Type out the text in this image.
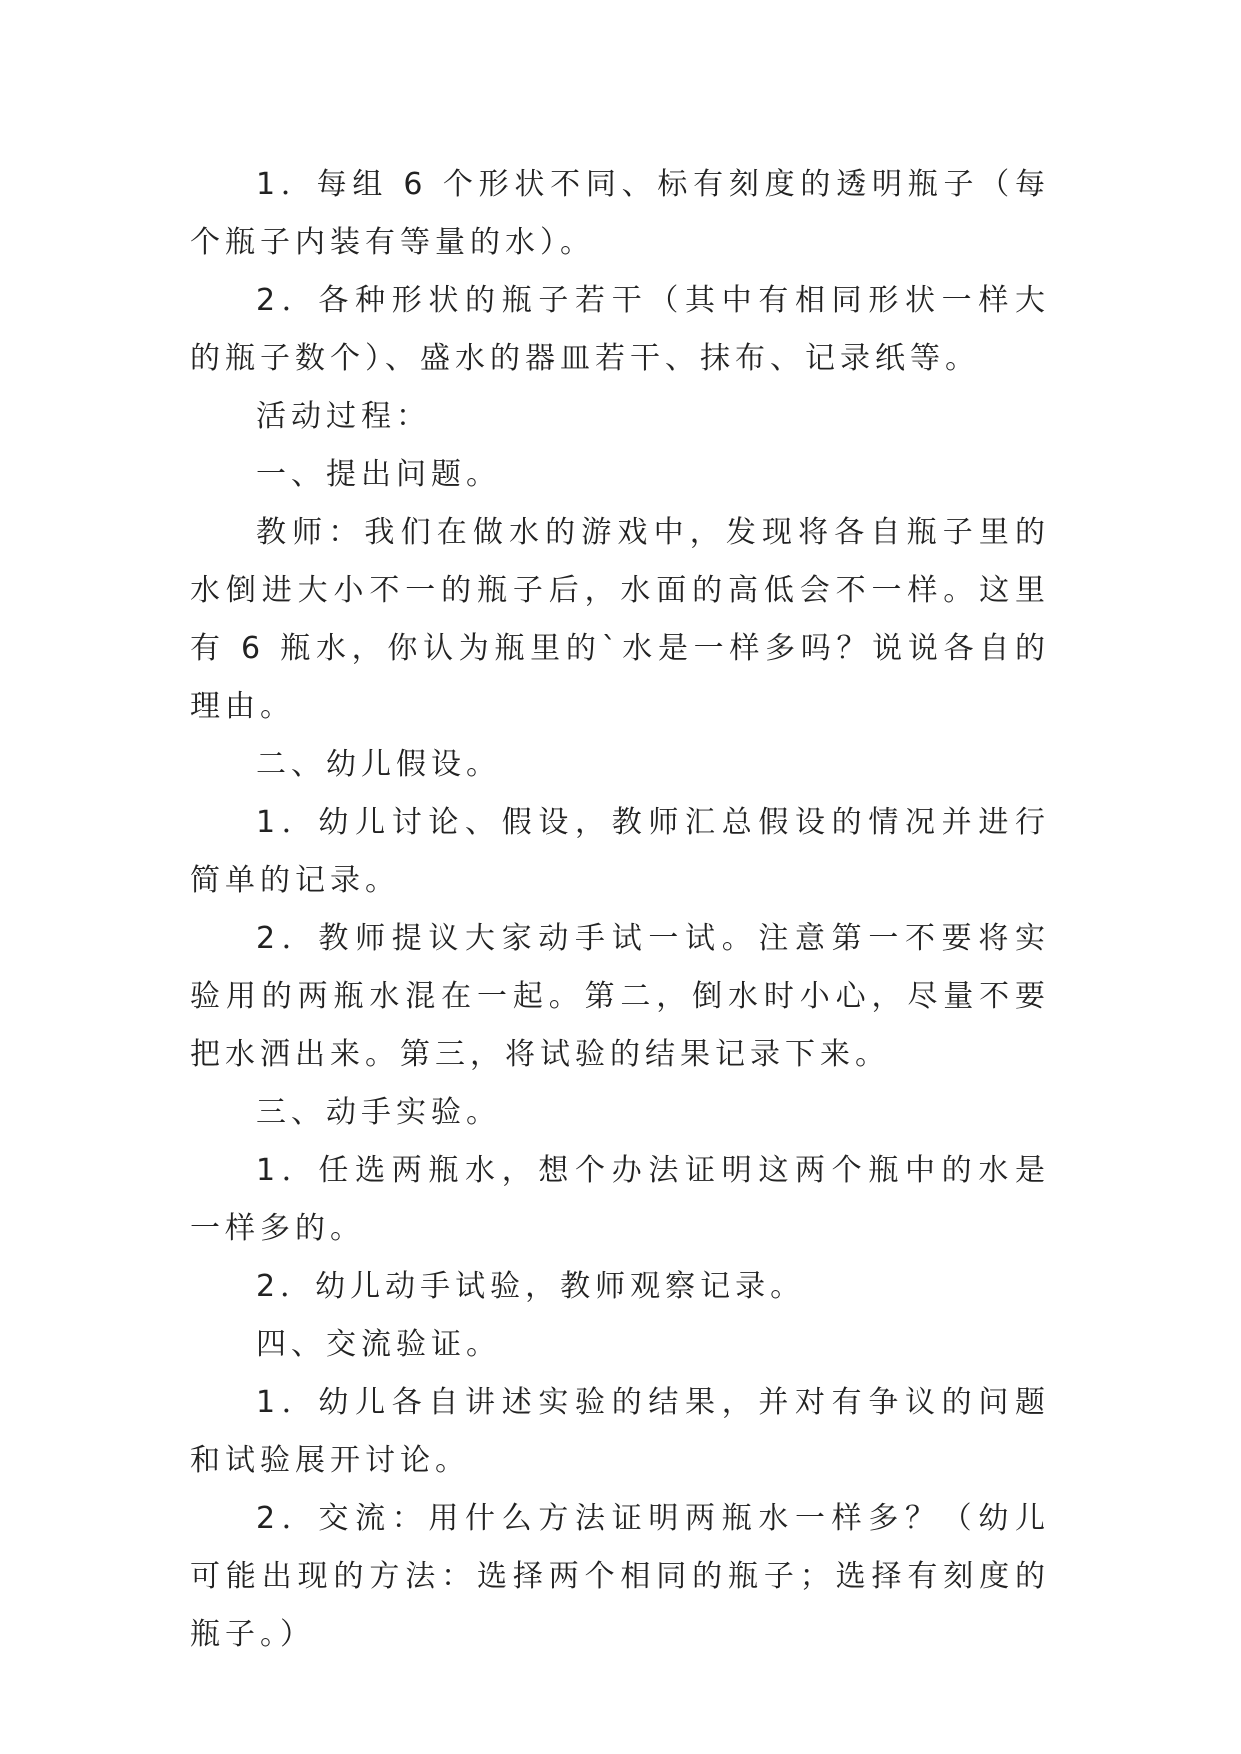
1．每组 6 个形状不同、标有刻度的透明瓶子（每个瓶子内装有等量的水）。

2．各种形状的瓶子若干（其中有相同形状一样大的瓶子数个）、盛水的器皿若干、抹布、记录纸等。

活动过程：

一、提出问题。

教师：我们在做水的游戏中，发现将各自瓶子里的水倒进大小不一的瓶子后，水面的高低会不一样。这里有 6 瓶水，你认为瓶里的`水是一样多吗？说说各自的理由。

二、幼儿假设。

1．幼儿讨论、假设，教师汇总假设的情况并进行简单的记录。

2．教师提议大家动手试一试。注意第一不要将实验用的两瓶水混在一起。第二，倒水时小心，尽量不要把水洒出来。第三，将试验的结果记录下来。

三、动手实验。

1．任选两瓶水，想个办法证明这两个瓶中的水是一样多的。

2．幼儿动手试验，教师观察记录。

四、交流验证。

1．幼儿各自讲述实验的结果，并对有争议的问题和试验展开讨论。

2．交流：用什么方法证明两瓶水一样多？（幼儿可能出现的方法：选择两个相同的瓶子；选择有刻度的瓶子。）
